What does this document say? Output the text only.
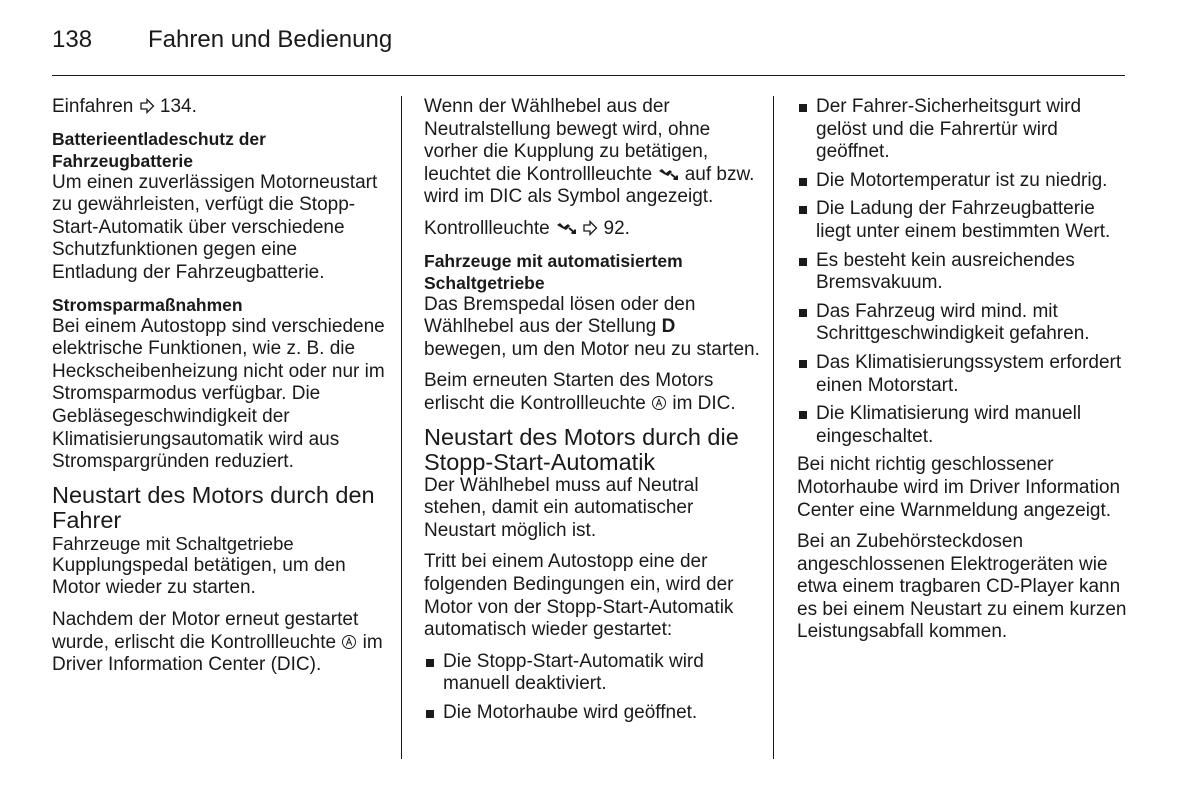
138 Fahren und Bedienung

Einfahren 134.

Batterieentladeschutz der Fahrzeugbatterie

Um einen zuverlässigen Motorneustart zu gewährleisten, verfügt die Stopp-Start-Automatik über verschiedene Schutzfunktionen gegen eine Entladung der Fahrzeugbatterie.

Stromsparmaßnahmen

Bei einem Autostopp sind verschiedene elektrische Funktionen, wie z. B. die Heckscheibenheizung nicht oder nur im Stromsparmodus verfügbar. Die Gebläsegeschwindigkeit der Klimatisierungsautomatik wird aus Stromspargründen reduziert.

Neustart des Motors durch den Fahrer
Fahrzeuge mit Schaltgetriebe

Kupplungspedal betätigen, um den Motor wieder zu starten.

Nachdem der Motor erneut gestartet wurde, erlischt die Kontrollleuchte im Driver Information Center (DIC).

Wenn der Wählhebel aus der Neutralstellung bewegt wird, ohne vorher die Kupplung zu betätigen, leuchtet die Kontrollleuchte auf bzw. wird im DIC als Symbol angezeigt.

Kontrollleuchte	92.

Fahrzeuge mit automatisiertem Schaltgetriebe

Das Bremspedal lösen oder den Wählhebel aus der Stellung D bewegen, um den Motor neu zu starten.

Beim erneuten Starten des Motors erlischt die Kontrollleuchte im DIC.

Neustart des Motors durch die Stopp-Start-Automatik

Der Wählhebel muss auf Neutral stehen, damit ein automatischer Neustart möglich ist.

Tritt bei einem Autostopp eine der folgenden Bedingungen ein, wird der Motor von der Stopp-Start-Automatik automatisch wieder gestartet:

Die Stopp-Start-Automatik wird manuell deaktiviert.
Die Motorhaube wird geöffnet.
Der Fahrer-Sicherheitsgurt wird gelöst und die Fahrertür wird geöffnet.
Die Motortemperatur ist zu niedrig.
Die Ladung der Fahrzeugbatterie liegt unter einem bestimmten Wert.
Es besteht kein ausreichendes Bremsvakuum.
Das Fahrzeug wird mind. mit Schrittgeschwindigkeit gefahren.
Das Klimatisierungssystem erfordert einen Motorstart.
Die Klimatisierung wird manuell eingeschaltet.

Bei nicht richtig geschlossener Motorhaube wird im Driver Information Center eine Warnmeldung angezeigt.

Bei an Zubehörsteckdosen angeschlossenen Elektrogeräten wie etwa einem tragbaren CD-Player kann es bei einem Neustart zu einem kurzen Leistungsabfall kommen.
